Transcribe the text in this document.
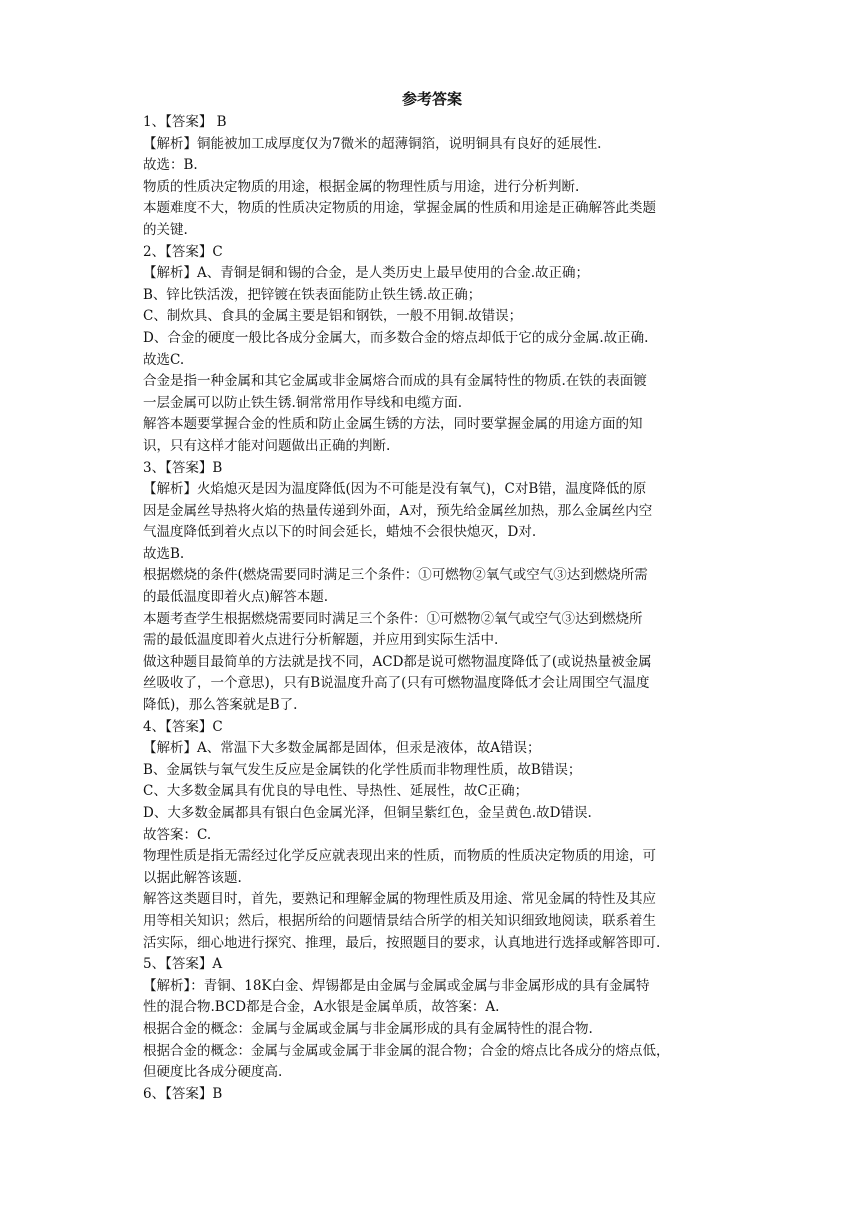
参考答案

1、【答案】 B

【解析】铜能被加工成厚度仅为7微米的超薄铜箔，说明铜具有良好的延展性.

故选：B.

物质的性质决定物质的用途，根据金属的物理性质与用途，进行分析判断.

本题难度不大，物质的性质决定物质的用途，掌握金属的性质和用途是正确解答此类题

的关键.

2、【答案】C

【解析】A、青铜是铜和锡的合金，是人类历史上最早使用的合金.故正确；

B、锌比铁活泼，把锌镀在铁表面能防止铁生锈.故正确；

C、制炊具、食具的金属主要是铝和钢铁，一般不用铜.故错误；

D、合金的硬度一般比各成分金属大，而多数合金的熔点却低于它的成分金属.故正确.

故选C.

合金是指一种金属和其它金属或非金属熔合而成的具有金属特性的物质.在铁的表面镀

一层金属可以防止铁生锈.铜常常用作导线和电缆方面.

解答本题要掌握合金的性质和防止金属生锈的方法，同时要掌握金属的用途方面的知

识，只有这样才能对问题做出正确的判断.

3、【答案】B

【解析】火焰熄灭是因为温度降低(因为不可能是没有氧气)，C对B错，温度降低的原

因是金属丝导热将火焰的热量传递到外面，A对，预先给金属丝加热，那么金属丝内空

气温度降低到着火点以下的时间会延长，蜡烛不会很快熄灭，D对.

故选B.

根据燃烧的条件(燃烧需要同时满足三个条件：①可燃物②氧气或空气③达到燃烧所需

的最低温度即着火点)解答本题.

本题考查学生根据燃烧需要同时满足三个条件：①可燃物②氧气或空气③达到燃烧所

需的最低温度即着火点进行分析解题，并应用到实际生活中.

做这种题目最简单的方法就是找不同，ACD都是说可燃物温度降低了(或说热量被金属

丝吸收了，一个意思)，只有B说温度升高了(只有可燃物温度降低才会让周围空气温度

降低)，那么答案就是B了.

4、【答案】C

【解析】A、常温下大多数金属都是固体，但汞是液体，故A错误；

B、金属铁与氧气发生反应是金属铁的化学性质而非物理性质，故B错误；

C、大多数金属具有优良的导电性、导热性、延展性，故C正确；

D、大多数金属都具有银白色金属光泽，但铜呈紫红色，金呈黄色.故D错误.

故答案：C.

物理性质是指无需经过化学反应就表现出来的性质，而物质的性质决定物质的用途，可

以据此解答该题.

解答这类题目时，首先，要熟记和理解金属的物理性质及用途、常见金属的特性及其应

用等相关知识；然后，根据所给的问题情景结合所学的相关知识细致地阅读，联系着生

活实际，细心地进行探究、推理，最后，按照题目的要求，认真地进行选择或解答即可.

5、【答案】A

【解析】：青铜、18K白金、焊锡都是由金属与金属或金属与非金属形成的具有金属特

性的混合物.BCD都是合金，A水银是金属单质，故答案：A.

根据合金的概念：金属与金属或金属与非金属形成的具有金属特性的混合物.

根据合金的概念：金属与金属或金属于非金属的混合物；合金的熔点比各成分的熔点低，

但硬度比各成分硬度高.

6、【答案】B
